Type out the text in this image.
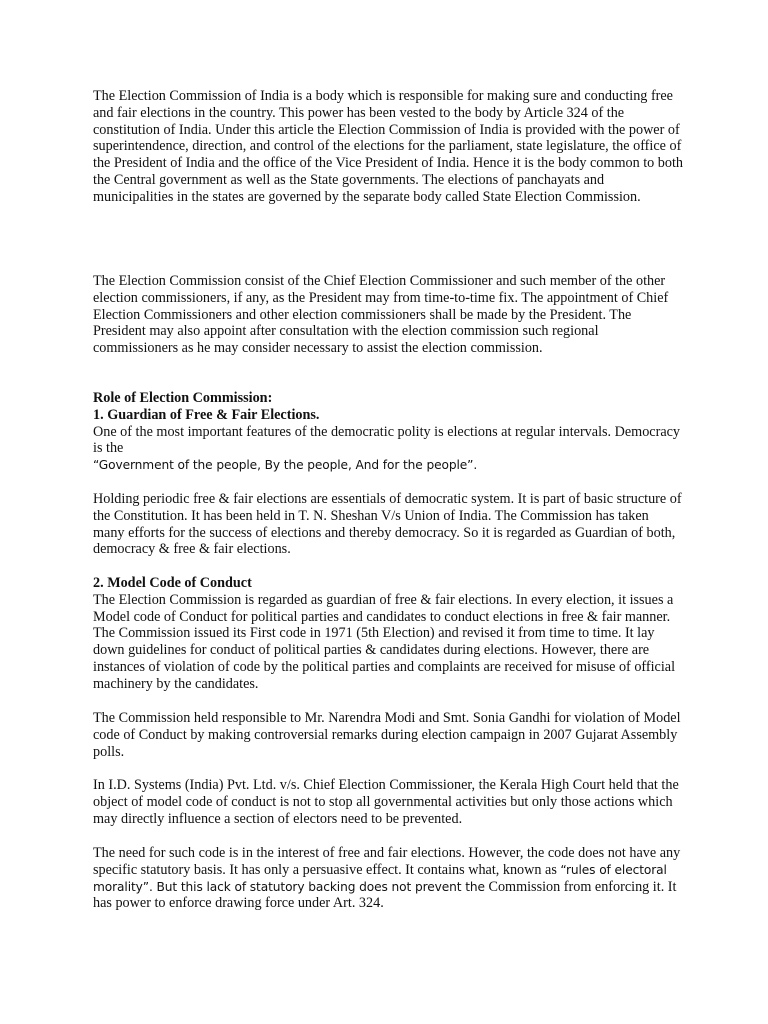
The Election Commission of India is a body which is responsible for making sure and conducting free and fair elections in the country. This power has been vested to the body by Article 324 of the constitution of India. Under this article the Election Commission of India is provided with the power of superintendence, direction, and control of the elections for the parliament, state legislature, the office of the President of India and the office of the Vice President of India. Hence it is the body common to both the Central government as well as the State governments. The elections of panchayats and municipalities in the states are governed by the separate body called State Election Commission.

The Election Commission consist of the Chief Election Commissioner and such member of the other election commissioners, if any, as the President may from time-to-time fix. The appointment of Chief Election Commissioners and other election commissioners shall be made by the President. The President may also appoint after consultation with the election commission such regional commissioners as he may consider necessary to assist the election commission.

Role of Election Commission:
1. Guardian of Free & Fair Elections.
One of the most important features of the democratic polity is elections at regular intervals. Democracy is the
“Government of the people, By the people, And for the people”.

Holding periodic free & fair elections are essentials of democratic system. It is part of basic structure of the Constitution. It has been held in T. N. Sheshan V/s Union of India. The Commission has taken many efforts for the success of elections and thereby democracy. So it is regarded as Guardian of both, democracy & free & fair elections.

2. Model Code of Conduct
The Election Commission is regarded as guardian of free & fair elections. In every election, it issues a Model code of Conduct for political parties and candidates to conduct elections in free & fair manner. The Commission issued its First code in 1971 (5th Election) and revised it from time to time. It lay down guidelines for conduct of political parties & candidates during elections. However, there are instances of violation of code by the political parties and complaints are received for misuse of official machinery by the candidates.

The Commission held responsible to Mr. Narendra Modi and Smt. Sonia Gandhi for violation of Model code of Conduct by making controversial remarks during election campaign in 2007 Gujarat Assembly polls.

In I.D. Systems (India) Pvt. Ltd. v/s. Chief Election Commissioner, the Kerala High Court held that the object of model code of conduct is not to stop all governmental activities but only those actions which may directly influence a section of electors need to be prevented.

The need for such code is in the interest of free and fair elections. However, the code does not have any specific statutory basis. It has only a persuasive effect. It contains what, known as “rules of electoral morality”. But this lack of statutory backing does not prevent the Commission from enforcing it. It has power to enforce drawing force under Art. 324.
